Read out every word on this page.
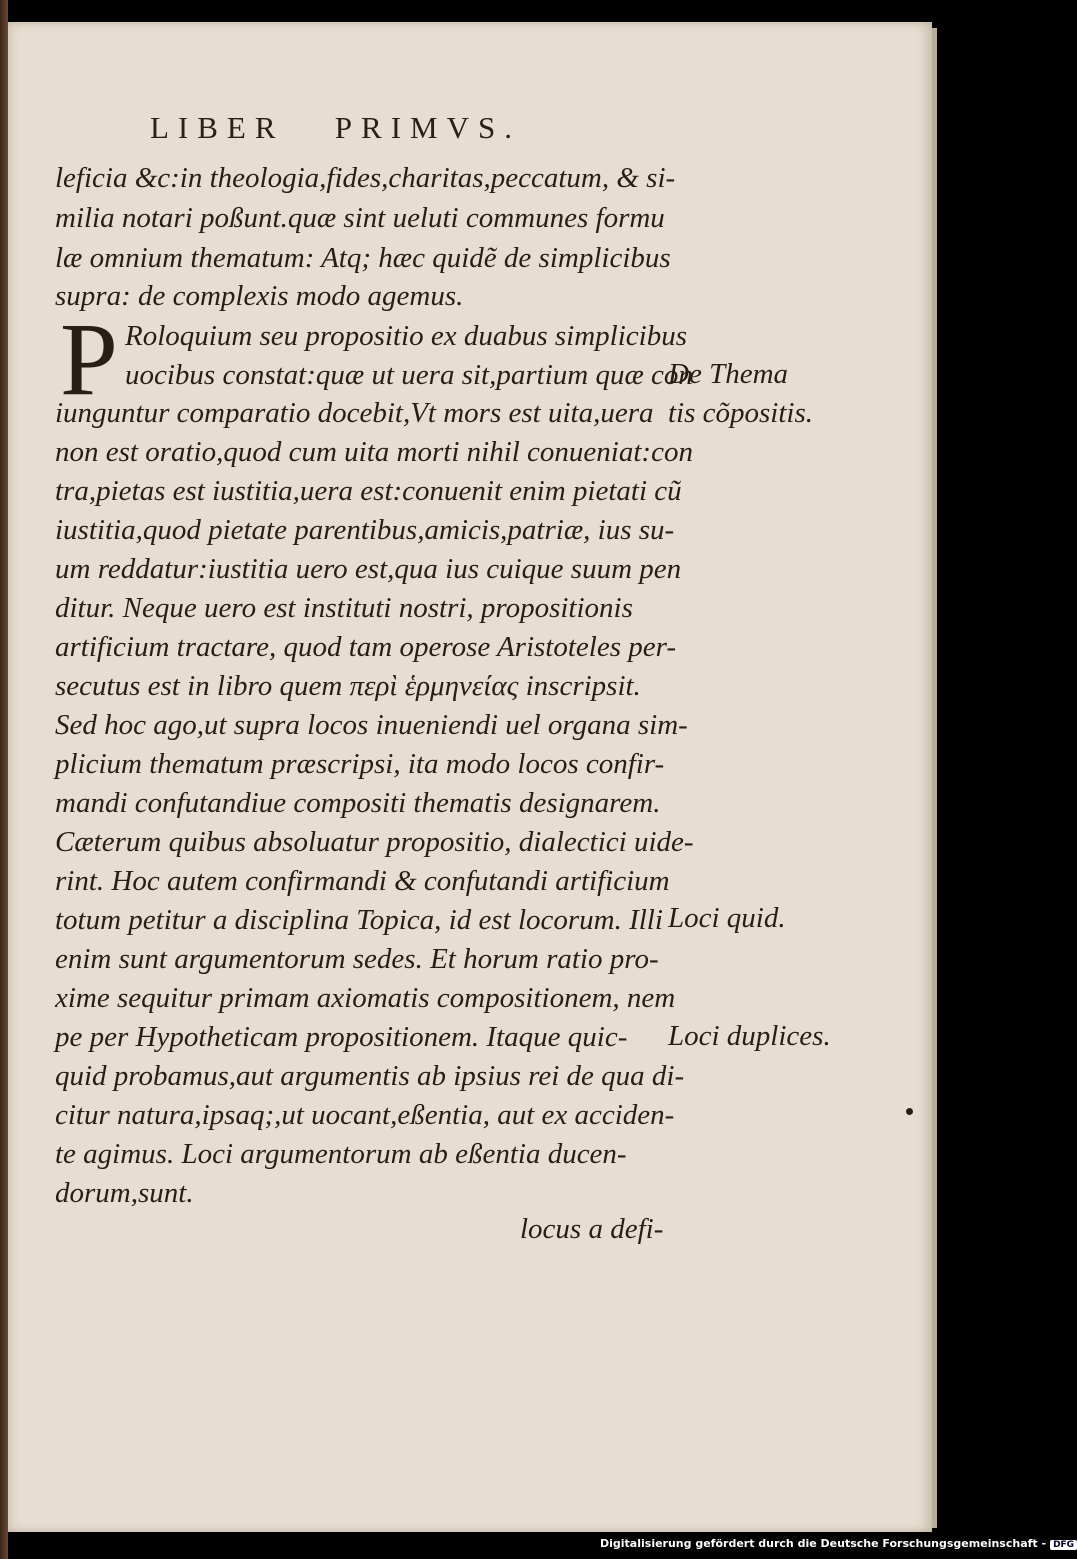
LIBER   PRIMVS.
leficia &c:in theologia,fides,charitas,peccatum, & si-
milia notari poßunt.quæ sint ueluti communes formu
læ omnium thematum: Atq; hæc quidẽ de simplicibus
supra: de complexis modo agemus.
P Roloquium seu propositio ex duabus simplicibus
uocibus constat:quæ ut uera sit,partium quæ con
iunguntur comparatio docebit,Vt mors est uita,uera
non est oratio,quod cum uita morti nihil conueniat:con
tra,pietas est iustitia,uera est:conuenit enim pietati cũ
iustitia,quod pietate parentibus,amicis,patriæ, ius su-
um reddatur:iustitia uero est,qua ius cuique suum pen
ditur. Neque uero est instituti nostri, propositionis
artificium tractare, quod tam operose Aristoteles per-
secutus est in libro quem περὶ ἑρμηνείας inscripsit.
Sed hoc ago,ut supra locos inueniendi uel organa sim-
plicium thematum præscripsi, ita modo locos confir-
mandi confutandiue compositi thematis designarem.
Cæterum quibus absoluatur propositio, dialectici uide-
rint. Hoc autem confirmandi & confutandi artificium
totum petitur a disciplina Topica, id est locorum. Illi
enim sunt argumentorum sedes. Et horum ratio pro-
xime sequitur primam axiomatis compositionem, nem
pe per Hypotheticam propositionem. Itaque quic-
quid probamus,aut argumentis ab ipsius rei de qua di-
citur natura,ipsaq;,ut uocant,eßentia, aut ex acciden-
te agimus. Loci argumentorum ab eßentia ducen-
dorum,sunt.
De Thema
tis cõpositis.
Loci quid.
Loci duplices.
locus a defi-
Digitalisierung gefördert durch die Deutsche Forschungsgemeinschaft - DFG
